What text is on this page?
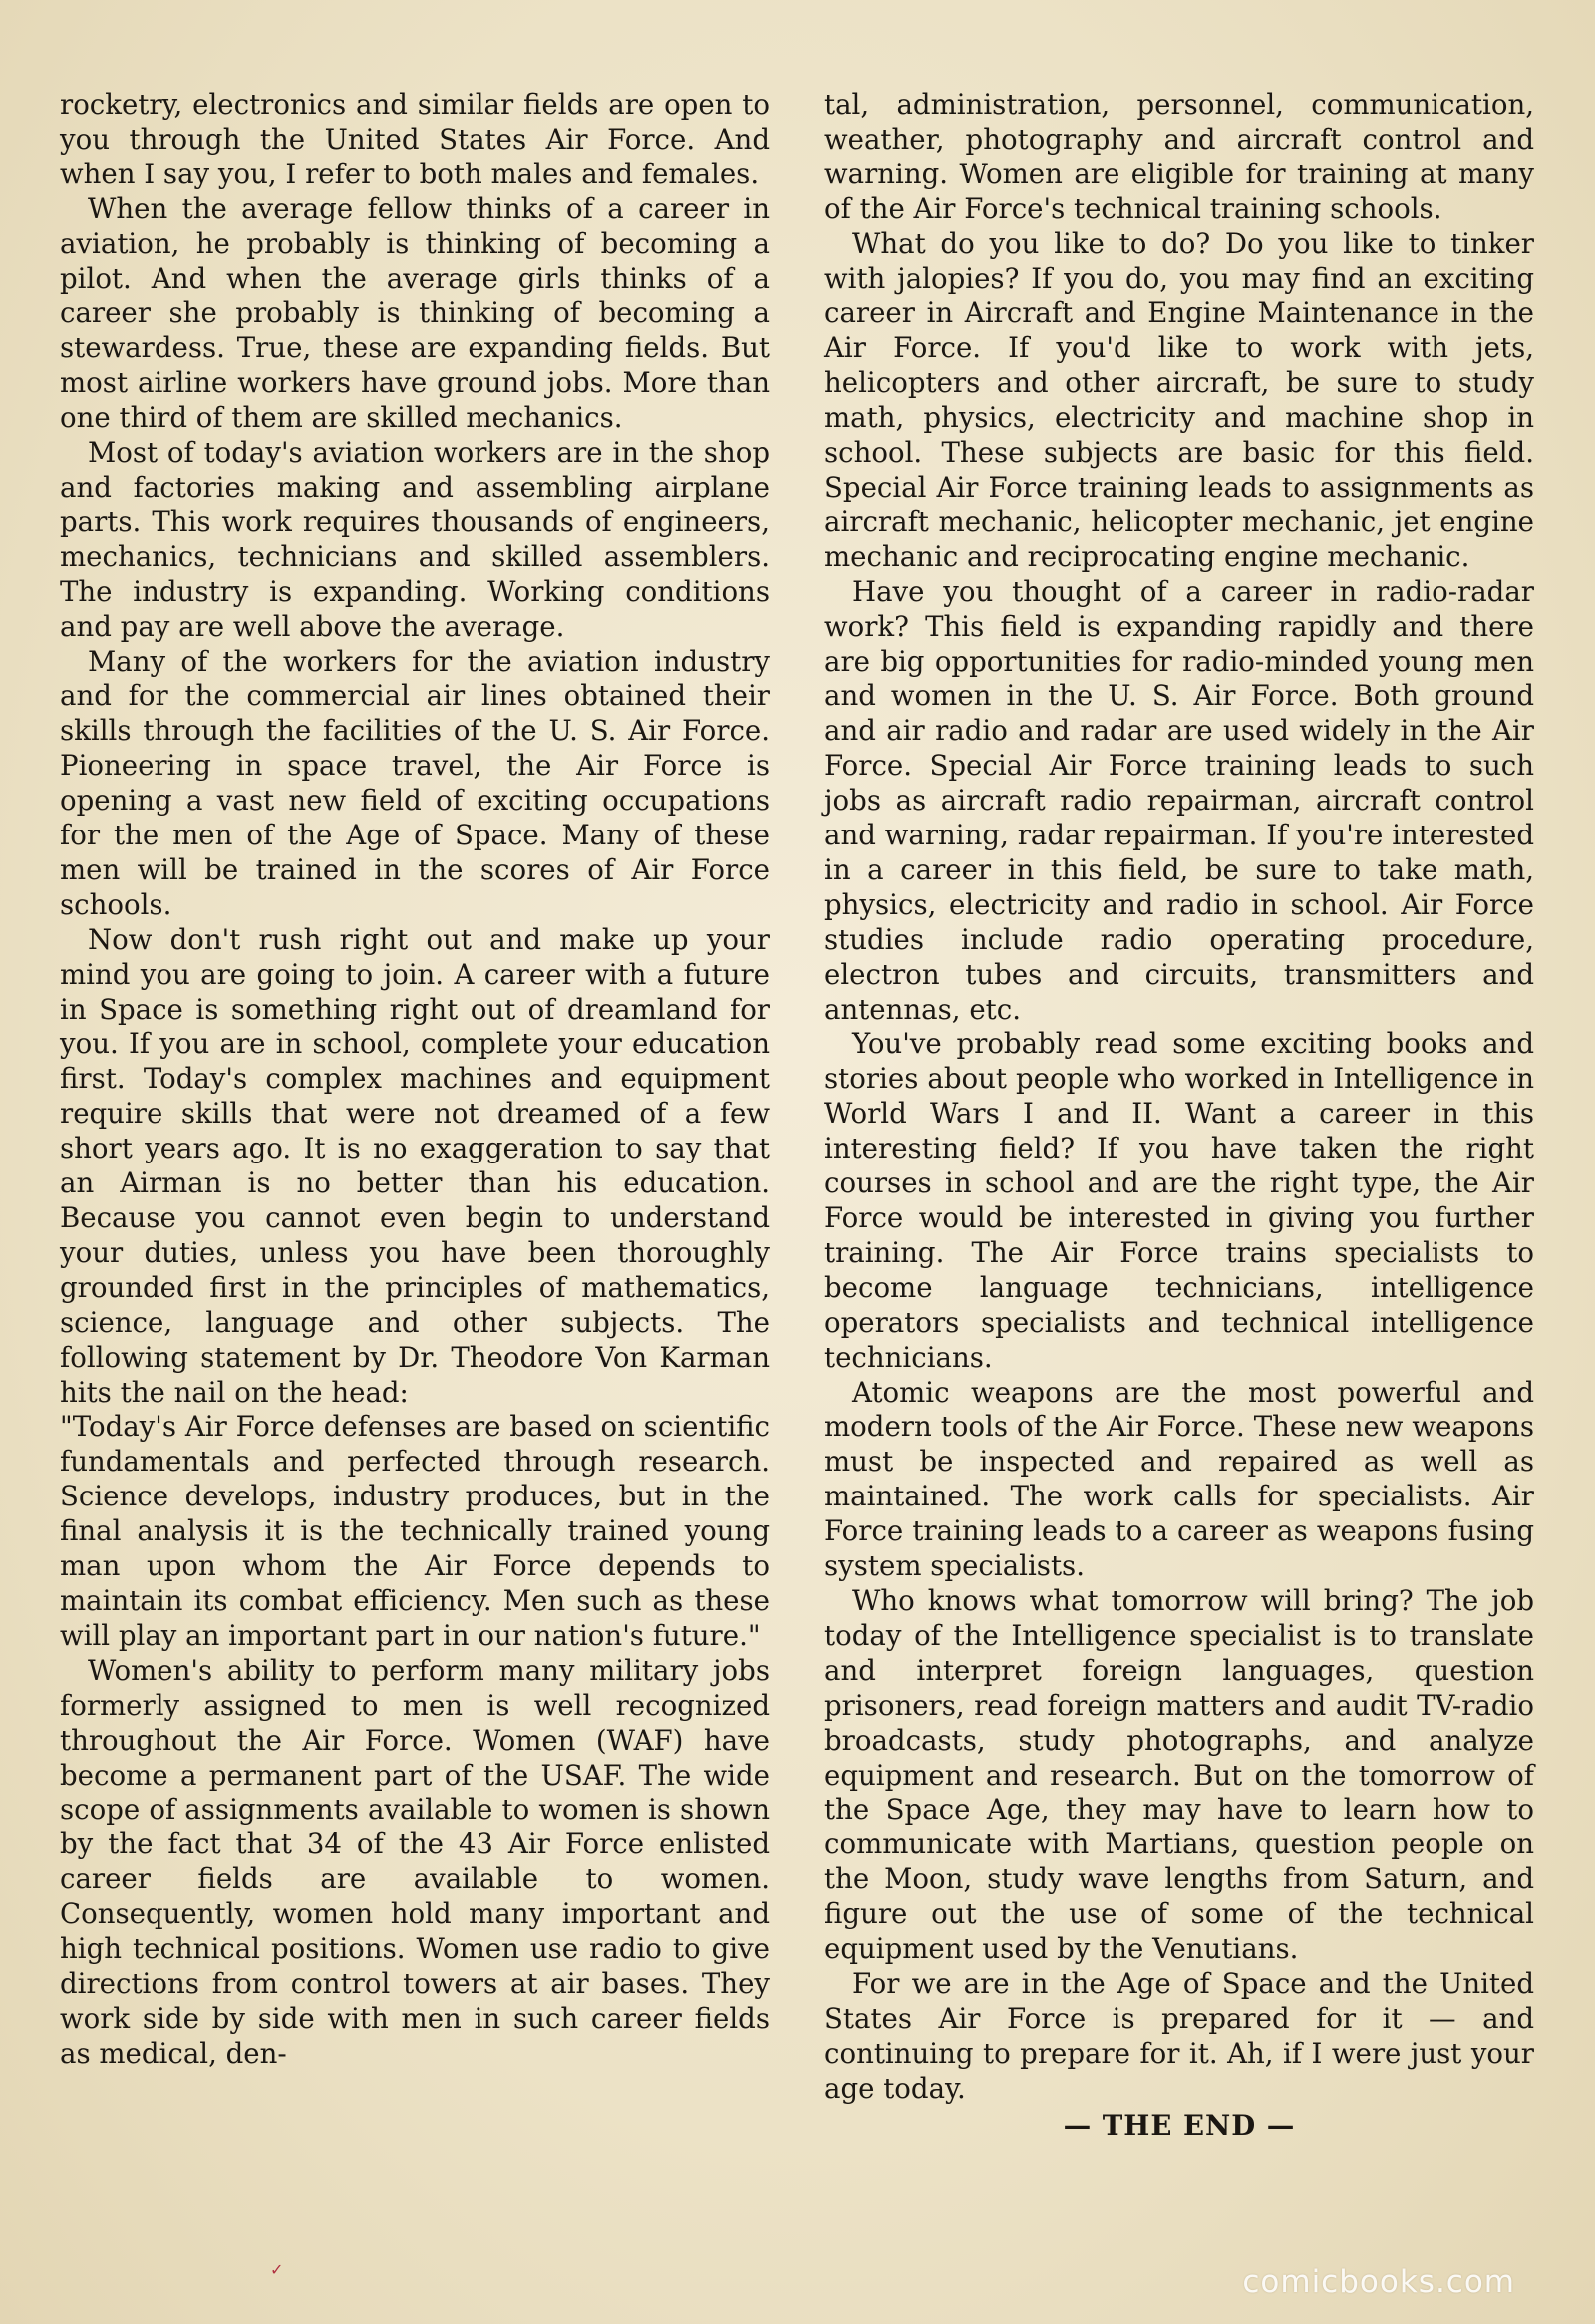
rocketry, electronics and similar fields are open to you through the United States Air Force. And when I say you, I refer to both males and females.

When the average fellow thinks of a career in aviation, he probably is thinking of becoming a pilot. And when the average girls thinks of a career she probably is thinking of becoming a stewardess. True, these are expanding fields. But most airline workers have ground jobs. More than one third of them are skilled mechanics.

Most of today's aviation workers are in the shop and factories making and assembling airplane parts. This work requires thousands of engineers, mechanics, technicians and skilled assemblers. The industry is expanding. Working conditions and pay are well above the average.

Many of the workers for the aviation industry and for the commercial air lines obtained their skills through the facilities of the U. S. Air Force. Pioneering in space travel, the Air Force is opening a vast new field of exciting occupations for the men of the Age of Space. Many of these men will be trained in the scores of Air Force schools.

Now don't rush right out and make up your mind you are going to join. A career with a future in Space is something right out of dreamland for you. If you are in school, complete your education first. Today's complex machines and equipment require skills that were not dreamed of a few short years ago. It is no exaggeration to say that an Airman is no better than his education. Because you cannot even begin to understand your duties, unless you have been thoroughly grounded first in the principles of mathematics, science, language and other subjects. The following statement by Dr. Theodore Von Karman hits the nail on the head:

"Today's Air Force defenses are based on scientific fundamentals and perfected through research. Science develops, industry produces, but in the final analysis it is the technically trained young man upon whom the Air Force depends to maintain its combat efficiency. Men such as these will play an important part in our nation's future."

Women's ability to perform many military jobs formerly assigned to men is well recognized throughout the Air Force. Women (WAF) have become a permanent part of the USAF. The wide scope of assignments available to women is shown by the fact that 34 of the 43 Air Force enlisted career fields are available to women. Consequently, women hold many important and high technical positions. Women use radio to give directions from control towers at air bases. They work side by side with men in such career fields as medical, den-

tal, administration, personnel, communication, weather, photography and aircraft control and warning. Women are eligible for training at many of the Air Force's technical training schools.

What do you like to do? Do you like to tinker with jalopies? If you do, you may find an exciting career in Aircraft and Engine Maintenance in the Air Force. If you'd like to work with jets, helicopters and other aircraft, be sure to study math, physics, electricity and machine shop in school. These subjects are basic for this field. Special Air Force training leads to assignments as aircraft mechanic, helicopter mechanic, jet engine mechanic and reciprocating engine mechanic.

Have you thought of a career in radio-radar work? This field is expanding rapidly and there are big opportunities for radio-minded young men and women in the U. S. Air Force. Both ground and air radio and radar are used widely in the Air Force. Special Air Force training leads to such jobs as aircraft radio repairman, aircraft control and warning, radar repairman. If you're interested in a career in this field, be sure to take math, physics, electricity and radio in school. Air Force studies include radio operating procedure, electron tubes and circuits, transmitters and antennas, etc.

You've probably read some exciting books and stories about people who worked in Intelligence in World Wars I and II. Want a career in this interesting field? If you have taken the right courses in school and are the right type, the Air Force would be interested in giving you further training. The Air Force trains specialists to become language technicians, intelligence operators specialists and technical intelligence technicians.

Atomic weapons are the most powerful and modern tools of the Air Force. These new weapons must be inspected and repaired as well as maintained. The work calls for specialists. Air Force training leads to a career as weapons fusing system specialists.

Who knows what tomorrow will bring? The job today of the Intelligence specialist is to translate and interpret foreign languages, question prisoners, read foreign matters and audit TV-radio broadcasts, study photographs, and analyze equipment and research. But on the tomorrow of the Space Age, they may have to learn how to communicate with Martians, question people on the Moon, study wave lengths from Saturn, and figure out the use of some of the technical equipment used by the Venutians.

For we are in the Age of Space and the United States Air Force is prepared for it — and continuing to prepare for it. Ah, if I were just your age today.

— THE END —

✓	comicbooks.com
